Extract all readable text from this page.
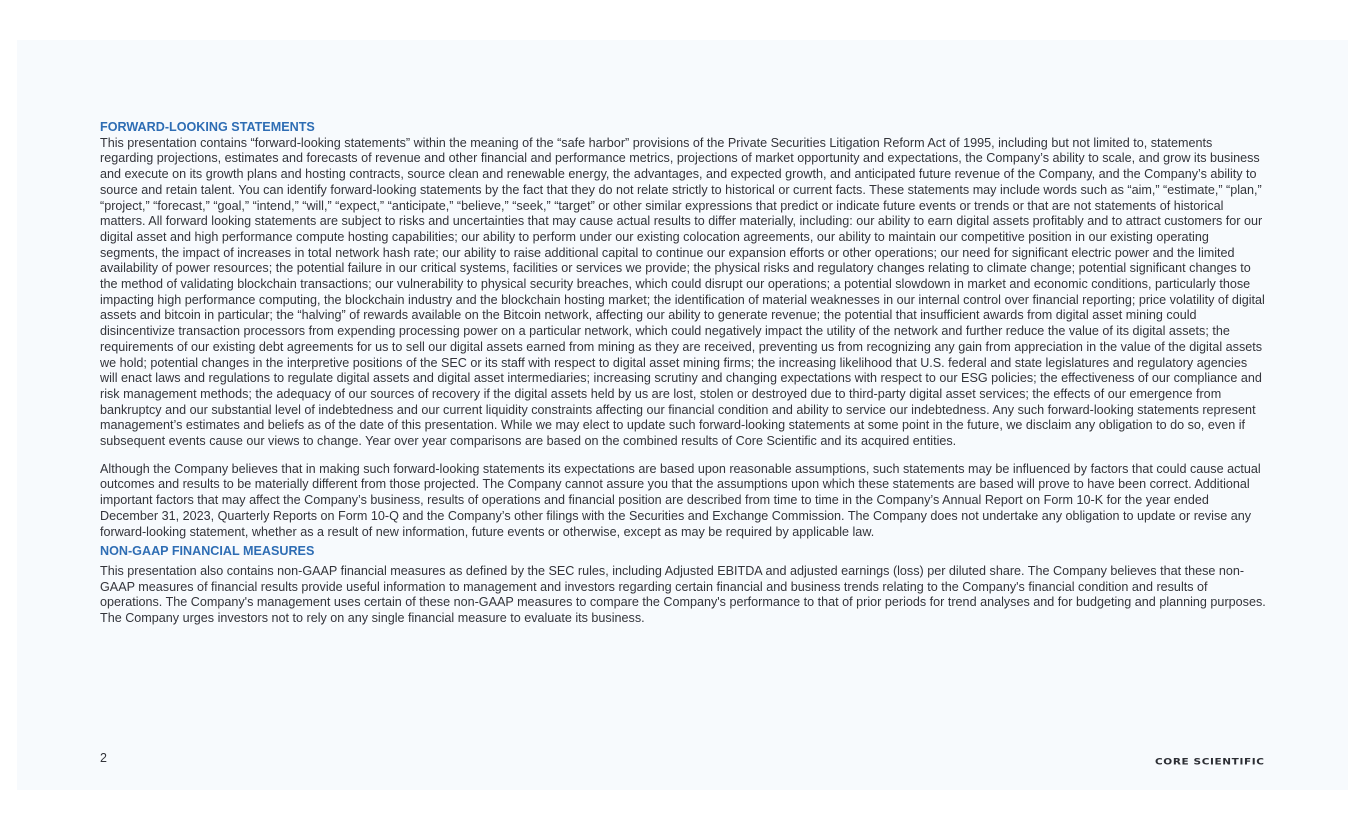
FORWARD-LOOKING STATEMENTS

This presentation contains “forward-looking statements” within the meaning of the “safe harbor” provisions of the Private Securities Litigation Reform Act of 1995, including but not limited to, statements regarding projections, estimates and forecasts of revenue and other financial and performance metrics, projections of market opportunity and expectations, the Company’s ability to scale, and grow its business and execute on its growth plans and hosting contracts, source clean and renewable energy, the advantages, and expected growth, and anticipated future revenue of the Company, and the Company’s ability to source and retain talent. You can identify forward-looking statements by the fact that they do not relate strictly to historical or current facts. These statements may include words such as “aim,” “estimate,” “plan,” “project,” “forecast,” “goal,” “intend,” “will,” “expect,” “anticipate,” “believe,” “seek,” “target” or other similar expressions that predict or indicate future events or trends or that are not statements of historical matters. All forward looking statements are subject to risks and uncertainties that may cause actual results to differ materially, including: our ability to earn digital assets profitably and to attract customers for our digital asset and high performance compute hosting capabilities; our ability to perform under our existing colocation agreements, our ability to maintain our competitive position in our existing operating segments, the impact of increases in total network hash rate; our ability to raise additional capital to continue our expansion efforts or other operations; our need for significant electric power and the limited availability of power resources; the potential failure in our critical systems, facilities or services we provide; the physical risks and regulatory changes relating to climate change; potential significant changes to the method of validating blockchain transactions; our vulnerability to physical security breaches, which could disrupt our operations; a potential slowdown in market and economic conditions, particularly those impacting high performance computing, the blockchain industry and the blockchain hosting market; the identification of material weaknesses in our internal control over financial reporting; price volatility of digital assets and bitcoin in particular; the “halving” of rewards available on the Bitcoin network, affecting our ability to generate revenue; the potential that insufficient awards from digital asset mining could disincentivize transaction processors from expending processing power on a particular network, which could negatively impact the utility of the network and further reduce the value of its digital assets; the requirements of our existing debt agreements for us to sell our digital assets earned from mining as they are received, preventing us from recognizing any gain from appreciation in the value of the digital assets we hold; potential changes in the interpretive positions of the SEC or its staff with respect to digital asset mining firms; the increasing likelihood that U.S. federal and state legislatures and regulatory agencies will enact laws and regulations to regulate digital assets and digital asset intermediaries; increasing scrutiny and changing expectations with respect to our ESG policies; the effectiveness of our compliance and risk management methods; the adequacy of our sources of recovery if the digital assets held by us are lost, stolen or destroyed due to third-party digital asset services; the effects of our emergence from bankruptcy and our substantial level of indebtedness and our current liquidity constraints affecting our financial condition and ability to service our indebtedness. Any such forward-looking statements represent management’s estimates and beliefs as of the date of this presentation. While we may elect to update such forward-looking statements at some point in the future, we disclaim any obligation to do so, even if subsequent events cause our views to change. Year over year comparisons are based on the combined results of Core Scientific and its acquired entities.

Although the Company believes that in making such forward-looking statements its expectations are based upon reasonable assumptions, such statements may be influenced by factors that could cause actual outcomes and results to be materially different from those projected. The Company cannot assure you that the assumptions upon which these statements are based will prove to have been correct. Additional important factors that may affect the Company’s business, results of operations and financial position are described from time to time in the Company’s Annual Report on Form 10-K for the year ended December 31, 2023, Quarterly Reports on Form 10-Q and the Company’s other filings with the Securities and Exchange Commission. The Company does not undertake any obligation to update or revise any forward-looking statement, whether as a result of new information, future events or otherwise, except as may be required by applicable law.

NON-GAAP FINANCIAL MEASURES

This presentation also contains non-GAAP financial measures as defined by the SEC rules, including Adjusted EBITDA and adjusted earnings (loss) per diluted share. The Company believes that these non-GAAP measures of financial results provide useful information to management and investors regarding certain financial and business trends relating to the Company's financial condition and results of operations. The Company's management uses certain of these non-GAAP measures to compare the Company's performance to that of prior periods for trend analyses and for budgeting and planning purposes. The Company urges investors not to rely on any single financial measure to evaluate its business.

2	CORE SCIENTIFIC
